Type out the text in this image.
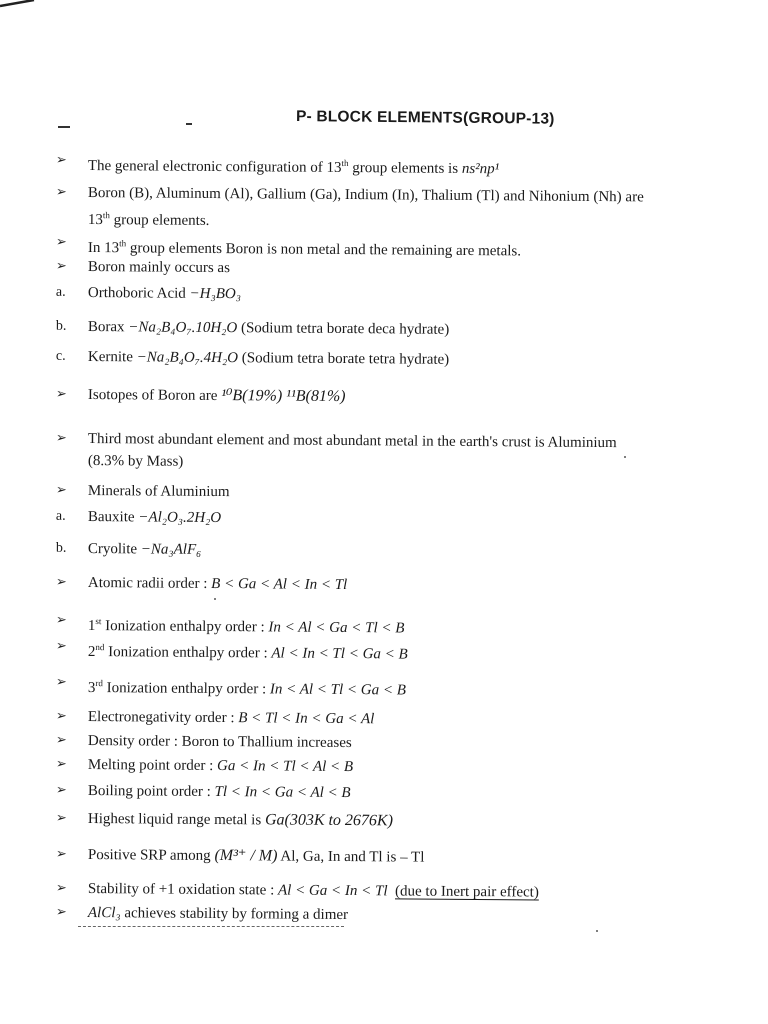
P- BLOCK ELEMENTS(GROUP-13)
➢	The general electronic configuration of 13th group elements is ns²np¹
➢	Boron (B), Aluminum (Al), Gallium (Ga), Indium (In), Thalium (Tl) and Nihonium (Nh) are
13th group elements.
➢	In 13th group elements Boron is non metal and the remaining are metals.
➢	Boron mainly occurs as
a.	Orthoboric Acid −H₃BO₃
b.	Borax −Na₂B₄O₇.10H₂O (Sodium tetra borate deca hydrate)
c.	Kernite −Na₂B₄O₇.4H₂O (Sodium tetra borate tetra hydrate)
➢	Isotopes of Boron are ¹⁰B(19%) ¹¹B(81%)
➢	Third most abundant element and most abundant metal in the earth's crust is Aluminium
(8.3% by Mass)
➢	Minerals of Aluminium
a.	Bauxite −Al₂O₃.2H₂O
b.	Cryolite −Na₃AlF₆
➢	Atomic radii order : B < Ga < Al < In < Tl
➢	1st Ionization enthalpy order : In < Al < Ga < Tl < B
➢	2nd Ionization enthalpy order : Al < In < Tl < Ga < B
➢	3rd Ionization enthalpy order : In < Al < Tl < Ga < B
➢	Electronegativity order : B < Tl < In < Ga < Al
➢	Density order : Boron to Thallium increases
➢	Melting point order : Ga < In < Tl < Al < B
➢	Boiling point order : Tl < In < Ga < Al < B
➢	Highest liquid range metal is Ga(303K to 2676K)
➢	Positive SRP among (M³⁺ / M) Al, Ga, In and Tl is – Tl
➢	Stability of +1 oxidation state : Al < Ga < In < Tl (due to Inert pair effect)
➢	AlCl₃ achieves stability by forming a dimer
